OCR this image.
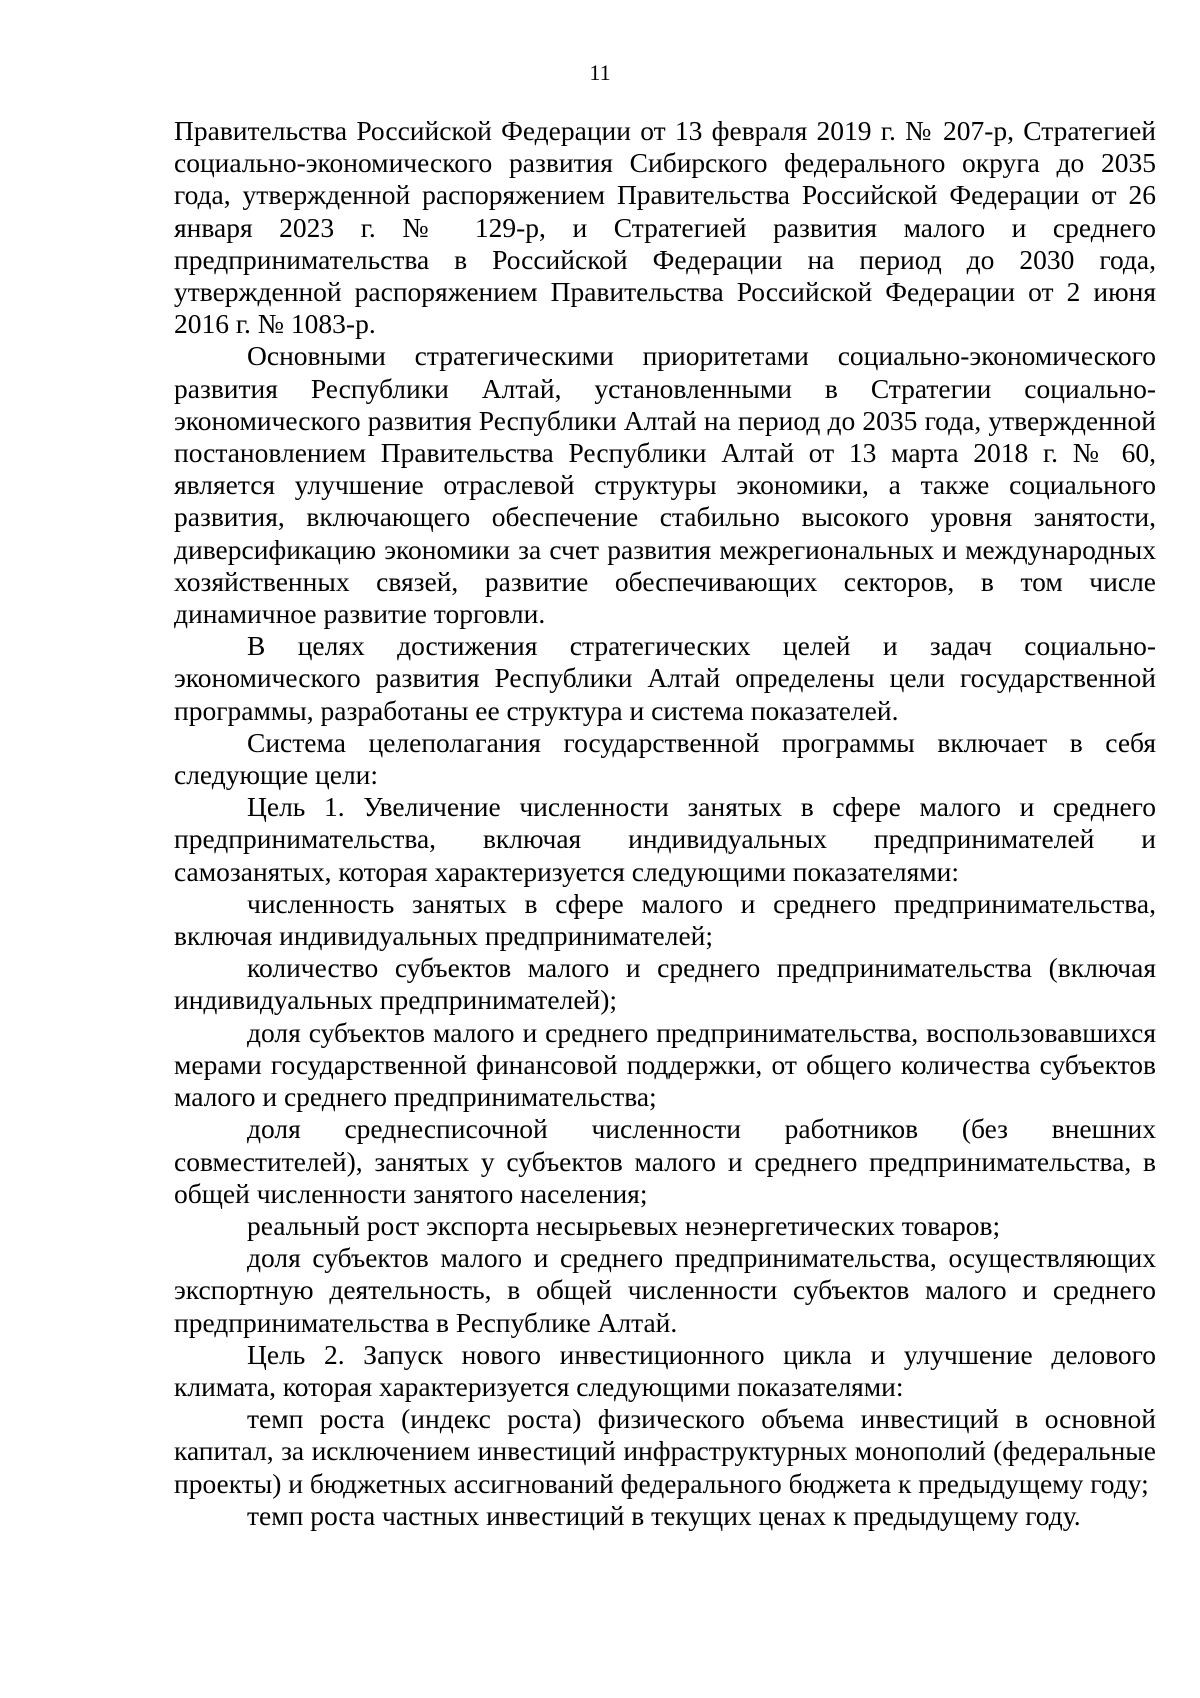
11

Правительства Российской Федерации от 13 февраля 2019 г. № 207-р, Стратегией социально-экономического развития Сибирского федерального округа до 2035 года, утвержденной распоряжением Правительства Российской Федерации от 26 января 2023 г. № 129-р, и Стратегией развития малого и среднего предпринимательства в Российской Федерации на период до 2030 года, утвержденной распоряжением Правительства Российской Федерации от 2 июня 2016 г. № 1083-р.

Основными стратегическими приоритетами социально-экономического развития Республики Алтай, установленными в Стратегии социально-экономического развития Республики Алтай на период до 2035 года, утвержденной постановлением Правительства Республики Алтай от 13 марта 2018 г. № 60, является улучшение отраслевой структуры экономики, а также социального развития, включающего обеспечение стабильно высокого уровня занятости, диверсификацию экономики за счет развития межрегиональных и международных хозяйственных связей, развитие обеспечивающих секторов, в том числе динамичное развитие торговли.

В целях достижения стратегических целей и задач социально-экономического развития Республики Алтай определены цели государственной программы, разработаны ее структура и система показателей.

Система целеполагания государственной программы включает в себя следующие цели:

Цель 1. Увеличение численности занятых в сфере малого и среднего предпринимательства, включая индивидуальных предпринимателей и самозанятых, которая характеризуется следующими показателями:

численность занятых в сфере малого и среднего предпринимательства, включая индивидуальных предпринимателей;

количество субъектов малого и среднего предпринимательства (включая индивидуальных предпринимателей);

доля субъектов малого и среднего предпринимательства, воспользовавшихся мерами государственной финансовой поддержки, от общего количества субъектов малого и среднего предпринимательства;

доля среднесписочной численности работников (без внешних совместителей), занятых у субъектов малого и среднего предпринимательства, в общей численности занятого населения;

реальный рост экспорта несырьевых неэнергетических товаров;

доля субъектов малого и среднего предпринимательства, осуществляющих экспортную деятельность, в общей численности субъектов малого и среднего предпринимательства в Республике Алтай.

Цель 2. Запуск нового инвестиционного цикла и улучшение делового климата, которая характеризуется следующими показателями:

темп роста (индекс роста) физического объема инвестиций в основной капитал, за исключением инвестиций инфраструктурных монополий (федеральные проекты) и бюджетных ассигнований федерального бюджета к предыдущему году;

темп роста частных инвестиций в текущих ценах к предыдущему году.
